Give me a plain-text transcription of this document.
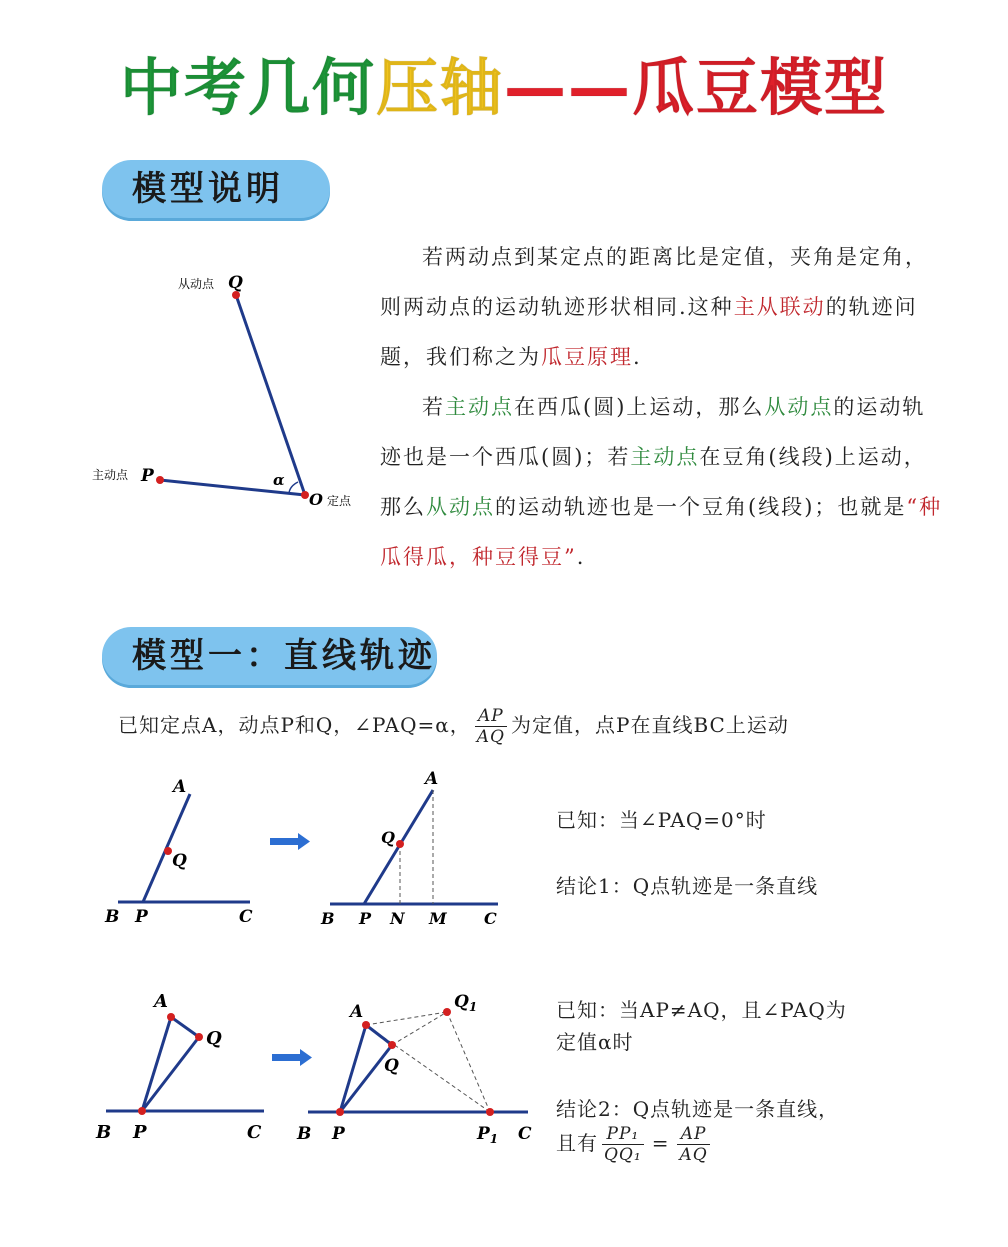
中考几何压轴——瓜豆模型
模型说明
从动点 Q
主动点 P	α
O 定点

若两动点到某定点的距离比是定值，夹角是定角，则两动点的运动轨迹形状相同.这种主从联动的轨迹问题，我们称之为瓜豆原理.

若主动点在西瓜(圆)上运动，那么从动点的运动轨迹也是一个西瓜(圆)；若主动点在豆角(线段)上运动，那么从动点的运动轨迹也是一个豆角(线段)；也就是“种瓜得瓜，种豆得豆”.

模型一：直线轨迹
已知定点A，动点P和Q，∠PAQ=α， $\frac{AP}{AQ}$ 为定值，点P在直线BC上运动
A
Q
B P	C
A
Q
B P N M C
已知：当∠PAQ=0°时
结论1：Q点轨迹是一条直线
A
Q
B P	C
A
Q
$Q_1$
B P	$P_1$ C
已知：当AP≠AQ，且∠PAQ为
定值α时
结论2：Q点轨迹是一条直线，
且有 $\frac{\text{PP₁}}{\text{QQ₁}} = \frac{AP}{AQ}$
